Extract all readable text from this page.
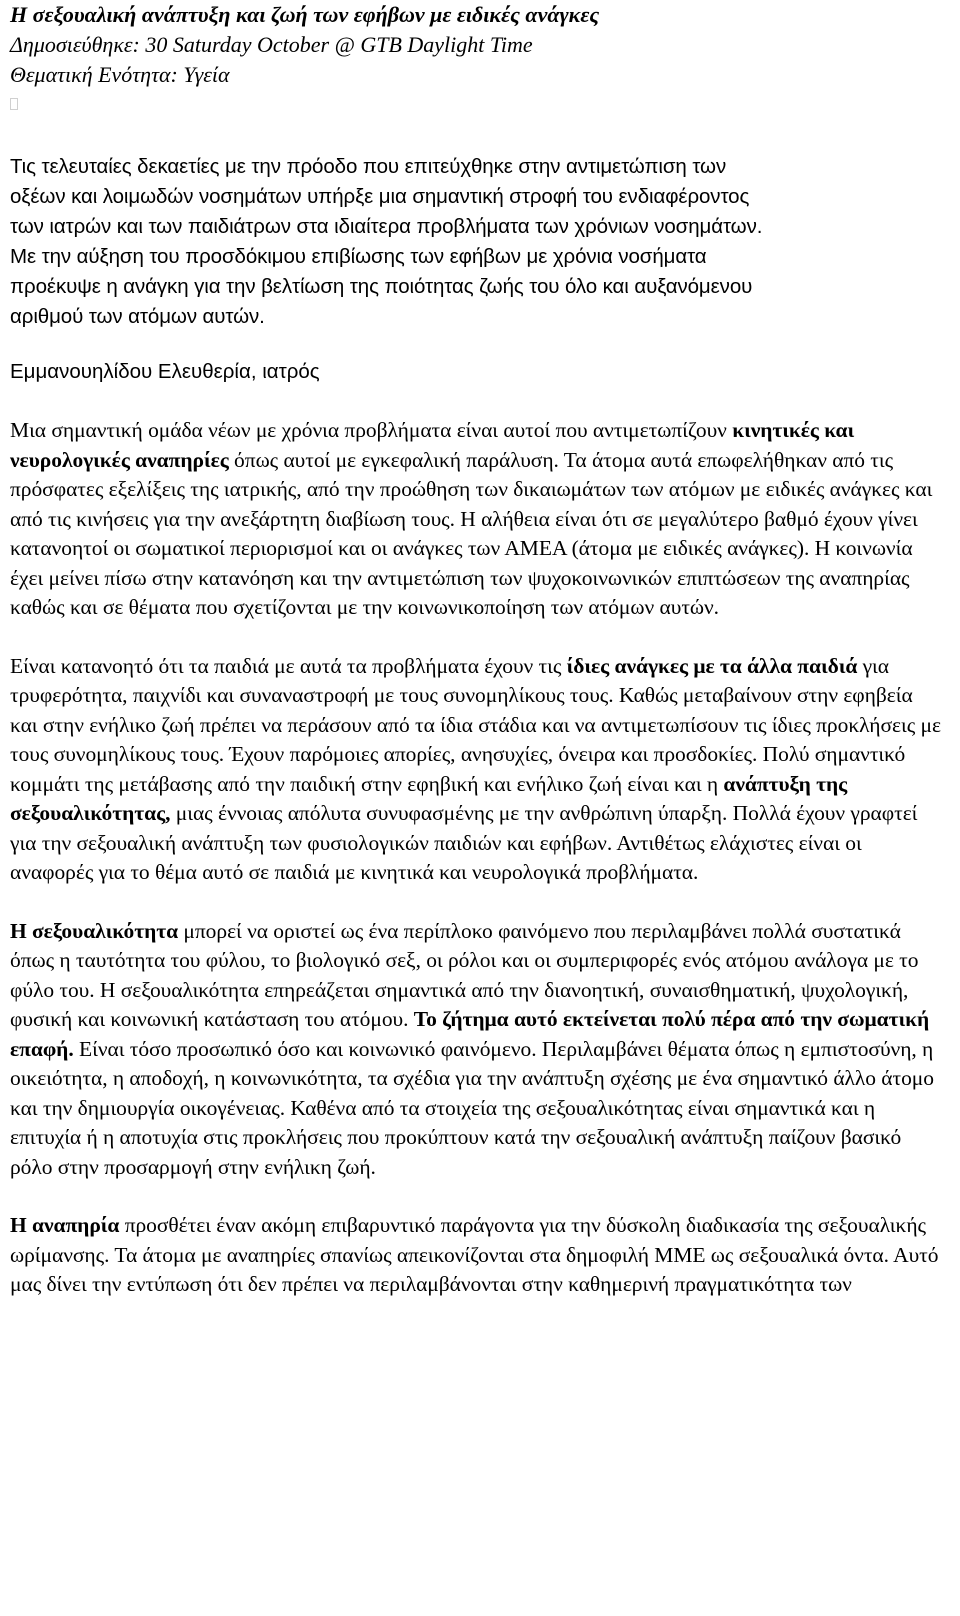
Η σεξουαλική ανάπτυξη και ζωή των εφήβων με ειδικές ανάγκες
Δημοσιεύθηκε: 30 Saturday October @ GTB Daylight Time
Θεματική Ενότητα: Υγεία
Τις τελευταίες δεκαετίες με την πρόοδο που επιτεύχθηκε στην αντιμετώπιση των
οξέων και λοιμωδών νοσημάτων υπήρξε μια σημαντική στροφή του ενδιαφέροντος
των ιατρών και των παιδιάτρων στα ιδιαίτερα προβλήματα των χρόνιων νοσημάτων.
Με την αύξηση του προσδόκιμου επιβίωσης των εφήβων με χρόνια νοσήματα
προέκυψε η ανάγκη για την βελτίωση της ποιότητας ζωής του όλο και αυξανόμενου
αριθμού των ατόμων αυτών.
Εμμανουηλίδου Ελευθερία, ιατρός

Μια σημαντική ομάδα νέων με χρόνια προβλήματα είναι αυτοί που αντιμετωπίζουν κινητικές και νευρολογικές αναπηρίες όπως αυτοί με εγκεφαλική παράλυση. Τα άτομα αυτά επωφελήθηκαν από τις πρόσφατες εξελίξεις της ιατρικής, από την προώθηση των δικαιωμάτων των ατόμων με ειδικές ανάγκες και από τις κινήσεις για την ανεξάρτητη διαβίωση τους. Η αλήθεια είναι ότι σε μεγαλύτερο βαθμό έχουν γίνει κατανοητοί οι σωματικοί περιορισμοί και οι ανάγκες των ΑΜΕΑ (άτομα με ειδικές ανάγκες). Η κοινωνία έχει μείνει πίσω στην κατανόηση και την αντιμετώπιση των ψυχοκοινωνικών επιπτώσεων της αναπηρίας καθώς και σε θέματα που σχετίζονται με την κοινωνικοποίηση των ατόμων αυτών.

Είναι κατανοητό ότι τα παιδιά με αυτά τα προβλήματα έχουν τις ίδιες ανάγκες με τα άλλα παιδιά για τρυφερότητα, παιχνίδι και συναναστροφή με τους συνομηλίκους τους. Καθώς μεταβαίνουν στην εφηβεία και στην ενήλικο ζωή πρέπει να περάσουν από τα ίδια στάδια και να αντιμετωπίσουν τις ίδιες προκλήσεις με τους συνομηλίκους τους. Έχουν παρόμοιες απορίες, ανησυχίες, όνειρα και προσδοκίες. Πολύ σημαντικό κομμάτι της μετάβασης από την παιδική στην εφηβική και ενήλικο ζωή είναι και η ανάπτυξη της σεξουαλικότητας, μιας έννοιας απόλυτα συνυφασμένης με την ανθρώπινη ύπαρξη. Πολλά έχουν γραφτεί για την σεξουαλική ανάπτυξη των φυσιολογικών παιδιών και εφήβων. Αντιθέτως ελάχιστες είναι οι αναφορές για το θέμα αυτό σε παιδιά με κινητικά και νευρολογικά προβλήματα.

Η σεξουαλικότητα μπορεί να οριστεί ως ένα περίπλοκο φαινόμενο που περιλαμβάνει πολλά συστατικά όπως η ταυτότητα του φύλου, το βιολογικό σεξ, οι ρόλοι και οι συμπεριφορές ενός ατόμου ανάλογα με το φύλο του. Η σεξουαλικότητα επηρεάζεται σημαντικά από την διανοητική, συναισθηματική, ψυχολογική, φυσική και κοινωνική κατάσταση του ατόμου. Το ζήτημα αυτό εκτείνεται πολύ πέρα από την σωματική επαφή. Είναι τόσο προσωπικό όσο και κοινωνικό φαινόμενο. Περιλαμβάνει θέματα όπως η εμπιστοσύνη, η οικειότητα, η αποδοχή, η κοινωνικότητα, τα σχέδια για την ανάπτυξη σχέσης με ένα σημαντικό άλλο άτομο και την δημιουργία οικογένειας. Καθένα από τα στοιχεία της σεξουαλικότητας είναι σημαντικά και η επιτυχία ή η αποτυχία στις προκλήσεις που προκύπτουν κατά την σεξουαλική ανάπτυξη παίζουν βασικό ρόλο στην προσαρμογή στην ενήλικη ζωή.

Η αναπηρία προσθέτει έναν ακόμη επιβαρυντικό παράγοντα για την δύσκολη διαδικασία της σεξουαλικής ωρίμανσης. Τα άτομα με αναπηρίες σπανίως απεικονίζονται στα δημοφιλή ΜΜΕ ως σεξουαλικά όντα. Αυτό μας δίνει την εντύπωση ότι δεν πρέπει να περιλαμβάνονται στην καθημερινή πραγματικότητα των
